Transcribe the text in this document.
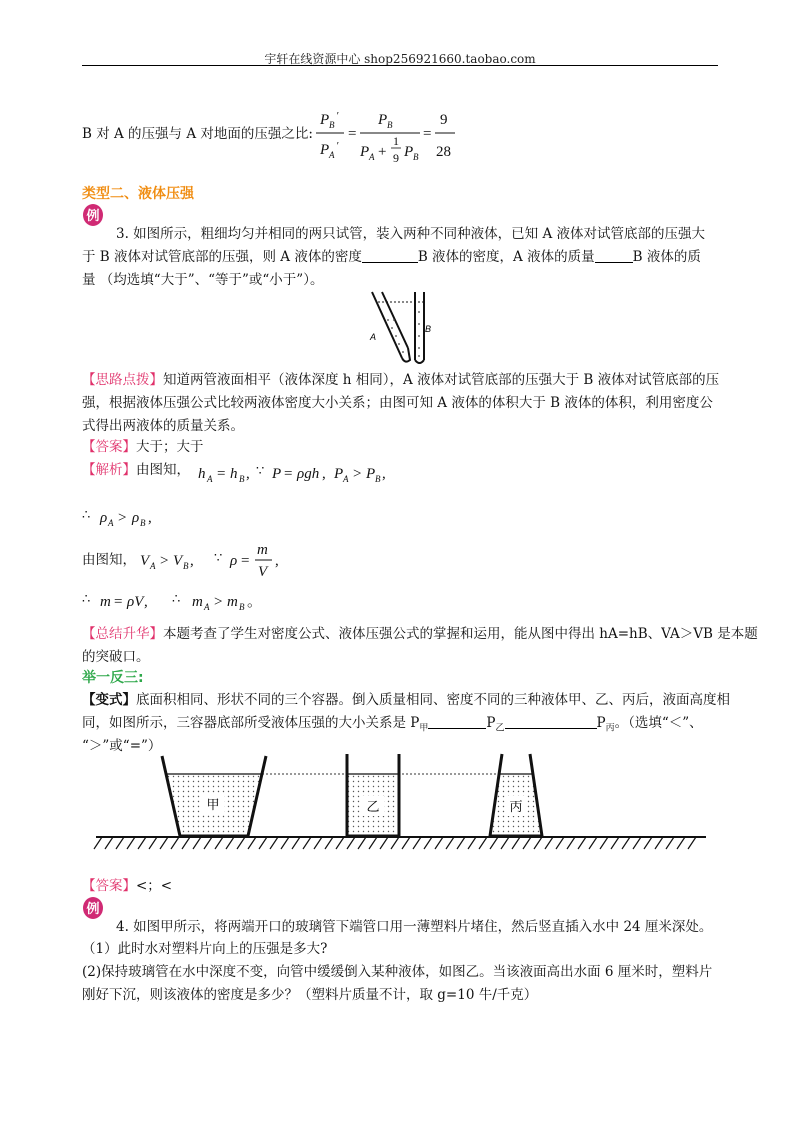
宇轩在线资源中心 shop256921660.taobao.com
B 对 A 的压强与 A 对地面的压强之比:
P B
′
P A
′
=
P B
P A +
1
9 P B
=
9
28
类型二、液体压强
例
3. 如图所示，粗细均匀并相同的两只试管，装入两种不同种液体，已知 A 液体对试管底部的压强大
于 B 液体对试管底部的压强，则 A 液体的密度	B 液体的密度，A 液体的质量	B 液体的质
量 （均选填“大于”、“等于”或“小于”）。
A
B
【思路点拨】知道两管液面相平（液体深度 h 相同），A 液体对试管底部的压强大于 B 液体对试管底部的压
强，根据液体压强公式比较两液体密度大小关系；由图可知 A 液体的体积大于 B 液体的体积，利用密度公
式得出两液体的质量关系。
【答案】大于；大于
【解析】由图知， h A = h B , ∵ P = ρgh , P A > P B ,
∴ ρ A > ρ B ,
由图知， V A > V B , ∵ ρ =
m
V
,
∴ m = ρV , ∴ m A > m B 。
【总结升华】本题考查了学生对密度公式、液体压强公式的掌握和运用，能从图中得出 hA=hB、VA＞VB 是本题
的突破口。
举一反三:
【变式】底面积相同、形状不同的三个容器。倒入质量相同、密度不同的三种液体甲、乙、丙后，液面高度相
同，如图所示，三容器底部所受液体压强的大小关系是 $P_甲$	$P_乙$	$P_丙$。（选填“＜”、
“＞”或“=”）
甲	乙	丙
【答案】<；<
例
4. 如图甲所示，将两端开口的玻璃管下端管口用一薄塑料片堵住，然后竖直插入水中 24 厘米深处。
（1）此时水对塑料片向上的压强是多大?
(2)保持玻璃管在水中深度不变，向管中缓缓倒入某种液体，如图乙。当该液面高出水面 6 厘米时，塑料片
刚好下沉，则该液体的密度是多少？（塑料片质量不计，取 g=10 牛/千克）
